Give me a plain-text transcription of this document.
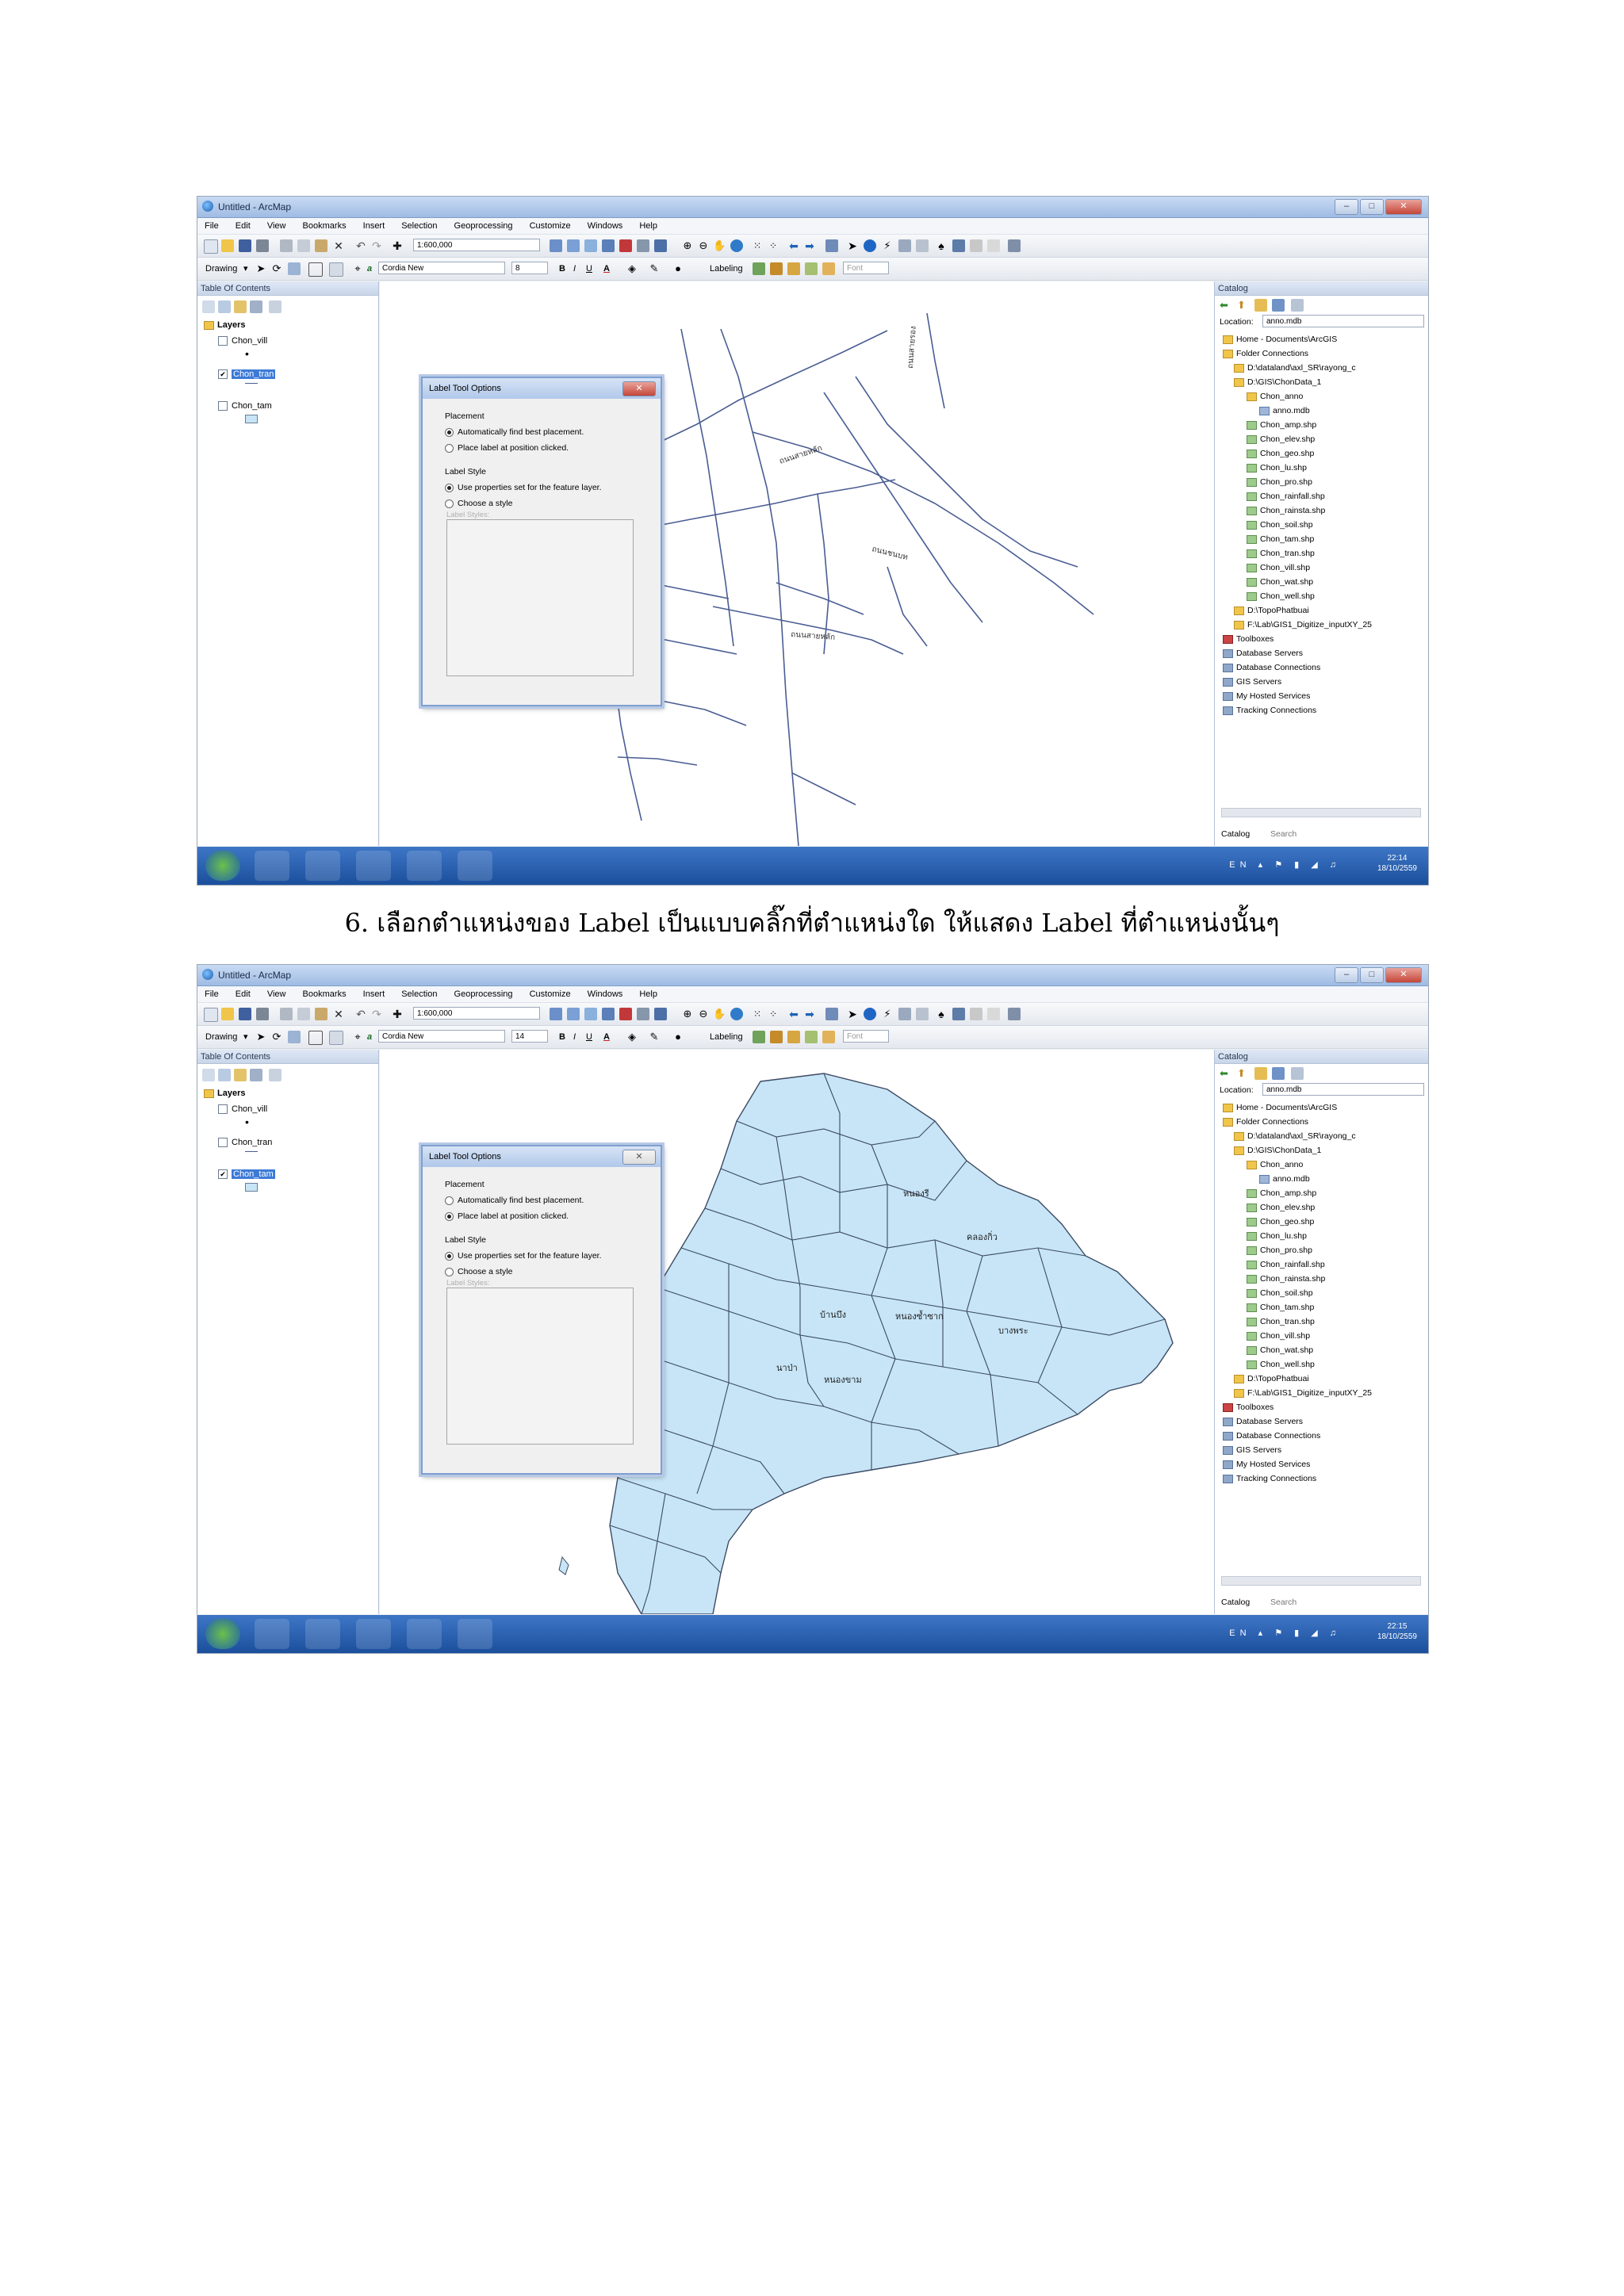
Untitled - ArcMap	–	□	✕
File Edit View Bookmarks Insert Selection Geoprocessing Customize Windows Help
✕ ↶ ↷ ✚	1:600,000	⊕ ⊖ ✋	⁙ ⁘ ⬅ ➡	➤	⚡	♠
Drawing ▾ ➤ ⟳	⌖ a	Cordia New	8	B I U A ◈ ✎	●	Labeling	Font
Table Of Contents
Layers
Chon_vill
•
✔ Chon_tran
Chon_tam
ถนนสายหลัก
ถนนสายรอง
ถนนชนบท
ถนนสายหลัก
Label Tool Options	✕
Placement
Automatically find best placement.
Place label at position clicked.
Label Style
Use properties set for the feature layer.
Choose a style
Label Styles:
Catalog
⬅ ⬆
Location:	anno.mdb
Home - Documents\ArcGIS
Folder Connections
D:\dataland\axl_SR\rayong_c
D:\GIS\ChonData_1
Chon_anno
anno.mdb
Chon_amp.shp
Chon_elev.shp
Chon_geo.shp
Chon_lu.shp
Chon_pro.shp
Chon_rainfall.shp
Chon_rainsta.shp
Chon_soil.shp
Chon_tam.shp
Chon_tran.shp
Chon_vill.shp
Chon_wat.shp
Chon_well.shp
D:\TopoPhatbuai
F:\Lab\GIS1_Digitize_inputXY_25
Toolboxes
Database Servers
Database Connections
GIS Servers
My Hosted Services
Tracking Connections
Catalog Search
EN ▴ ⚑ ▮ ◢ ♫
22:14
18/10/2559
6. เลือกตำแหน่งของ Label เป็นแบบคลิ๊กที่ตำแหน่งใด ให้แสดง Label ที่ตำแหน่งนั้นๆ
Untitled - ArcMap	–	□	✕
File Edit View Bookmarks Insert Selection Geoprocessing Customize Windows Help
✕ ↶ ↷ ✚	1:600,000	⊕ ⊖ ✋	⁙ ⁘ ⬅ ➡	➤	⚡	♠
Drawing ▾ ➤ ⟳	⌖ a	Cordia New	14	B I U A ◈ ✎	●	Labeling	Font
Table Of Contents
Layers
Chon_vill
•
Chon_tran
✔ Chon_tam
หนองรี
นาป่า
บ้านบึง	หนองซ้ำซาก
คลองกิ่ว
บางพระ
หนองขาม
Label Tool Options	✕
Placement
Automatically find best placement.
Place label at position clicked.
Label Style
Use properties set for the feature layer.
Choose a style
Label Styles:
Catalog
⬅ ⬆
Location:	anno.mdb
Home - Documents\ArcGIS
Folder Connections
D:\dataland\axl_SR\rayong_c
D:\GIS\ChonData_1
Chon_anno
anno.mdb
Chon_amp.shp
Chon_elev.shp
Chon_geo.shp
Chon_lu.shp
Chon_pro.shp
Chon_rainfall.shp
Chon_rainsta.shp
Chon_soil.shp
Chon_tam.shp
Chon_tran.shp
Chon_vill.shp
Chon_wat.shp
Chon_well.shp
D:\TopoPhatbuai
F:\Lab\GIS1_Digitize_inputXY_25
Toolboxes
Database Servers
Database Connections
GIS Servers
My Hosted Services
Tracking Connections
Catalog Search
EN ▴ ⚑ ▮ ◢ ♫
22:15
18/10/2559
